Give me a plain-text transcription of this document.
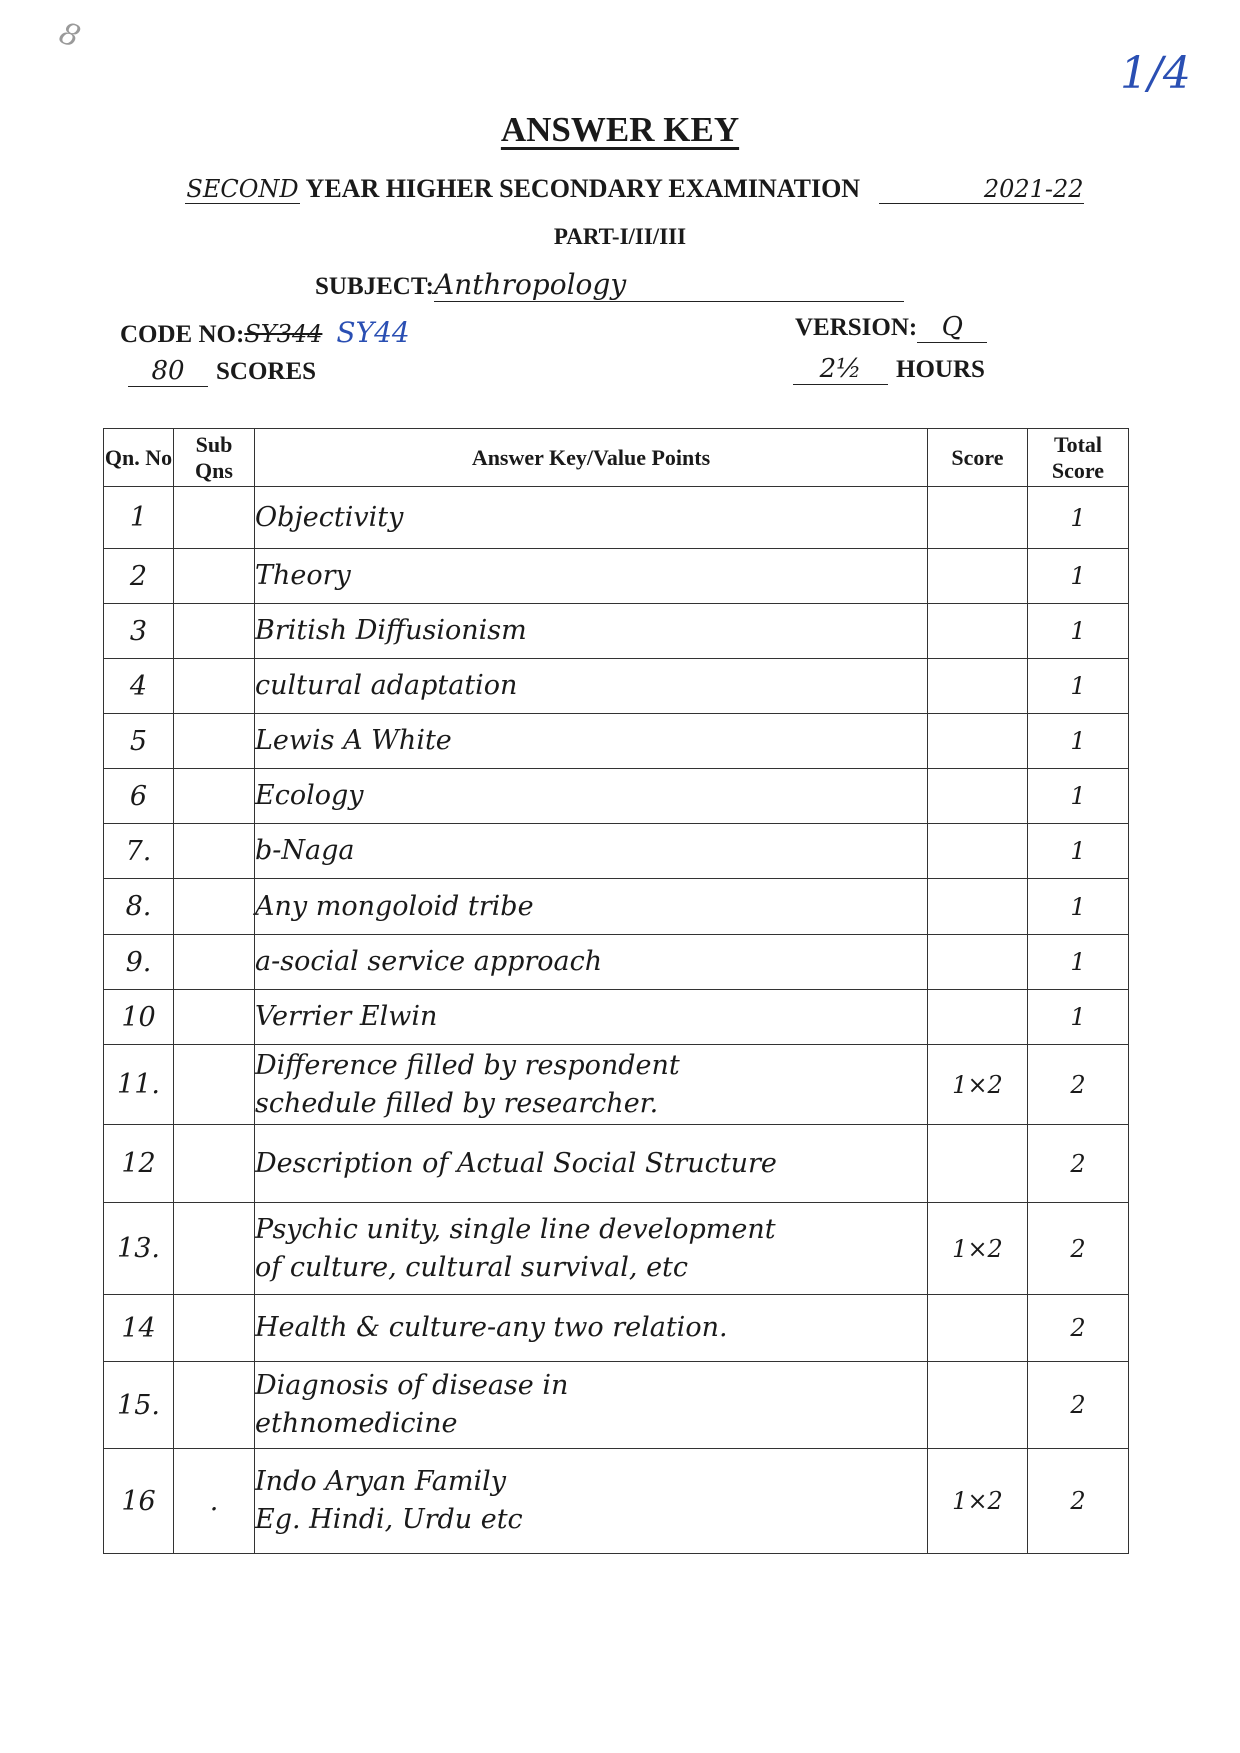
8
1/4
ANSWER KEY
SECOND YEAR HIGHER SECONDARY EXAMINATION	2021-22
PART-I/II/III
SUBJECT:Anthropology
CODE NO:SY344 SY44	VERSION: Q
80 SCORES	2½ HOURS
Qn. No	Sub Qns	Answer Key/Value Points	Score	Total Score
1		Objectivity		1
2		Theory		1
3		British Diffusionism		1
4		cultural adaptation		1
5		Lewis A White		1
6		Ecology		1
7.		b-Naga		1
8.		Any mongoloid tribe		1
9.		a-social service approach		1
10		Verrier Elwin		1
11.		Difference filled by respondent
schedule filled by researcher.	1×2	2
12		Description of Actual Social Structure		2
13.		Psychic unity, single line development
of culture, cultural survival, etc	1×2	2
14		Health & culture-any two relation.		2
15.		Diagnosis of disease in
ethnomedicine		2
16	.	Indo Aryan Family
Eg. Hindi, Urdu etc	1×2	2
